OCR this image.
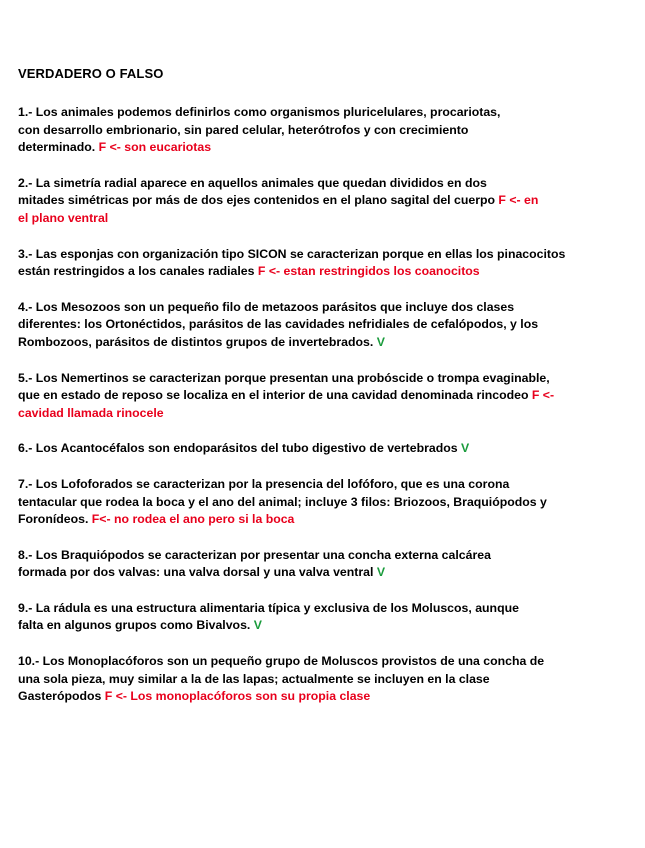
VERDADERO O FALSO
1.- Los animales podemos definirlos como organismos pluricelulares, procariotas,
con desarrollo embrionario, sin pared celular, heterótrofos y con crecimiento
determinado. F <- son eucariotas
2.- La simetría radial aparece en aquellos animales que quedan divididos en dos
mitades simétricas por más de dos ejes contenidos en el plano sagital del cuerpo F <- en
el plano ventral
3.- Las esponjas con organización tipo SICON se caracterizan porque en ellas los pinacocitos
están restringidos a los canales radiales F <- estan restringidos los coanocitos
4.- Los Mesozoos son un pequeño filo de metazoos parásitos que incluye dos clases
diferentes: los Ortonéctidos, parásitos de las cavidades nefridiales de cefalópodos, y los
Rombozoos, parásitos de distintos grupos de invertebrados. V
5.- Los Nemertinos se caracterizan porque presentan una probóscide o trompa evaginable,
que en estado de reposo se localiza en el interior de una cavidad denominada rincodeo F <-
cavidad llamada rinocele
6.- Los Acantocéfalos son endoparásitos del tubo digestivo de vertebrados V
7.- Los Lofoforados se caracterizan por la presencia del lofóforo, que es una corona
tentacular que rodea la boca y el ano del animal; incluye 3 filos: Briozoos, Braquiópodos y
Foronídeos. F<- no rodea el ano pero si la boca
8.- Los Braquiópodos se caracterizan por presentar una concha externa calcárea
formada por dos valvas: una valva dorsal y una valva ventral V
9.- La rádula es una estructura alimentaria típica y exclusiva de los Moluscos, aunque
falta en algunos grupos como Bivalvos. V
10.- Los Monoplacóforos son un pequeño grupo de Moluscos provistos de una concha de
una sola pieza, muy similar a la de las lapas; actualmente se incluyen en la clase
Gasterópodos F <- Los monoplacóforos son su propia clase
